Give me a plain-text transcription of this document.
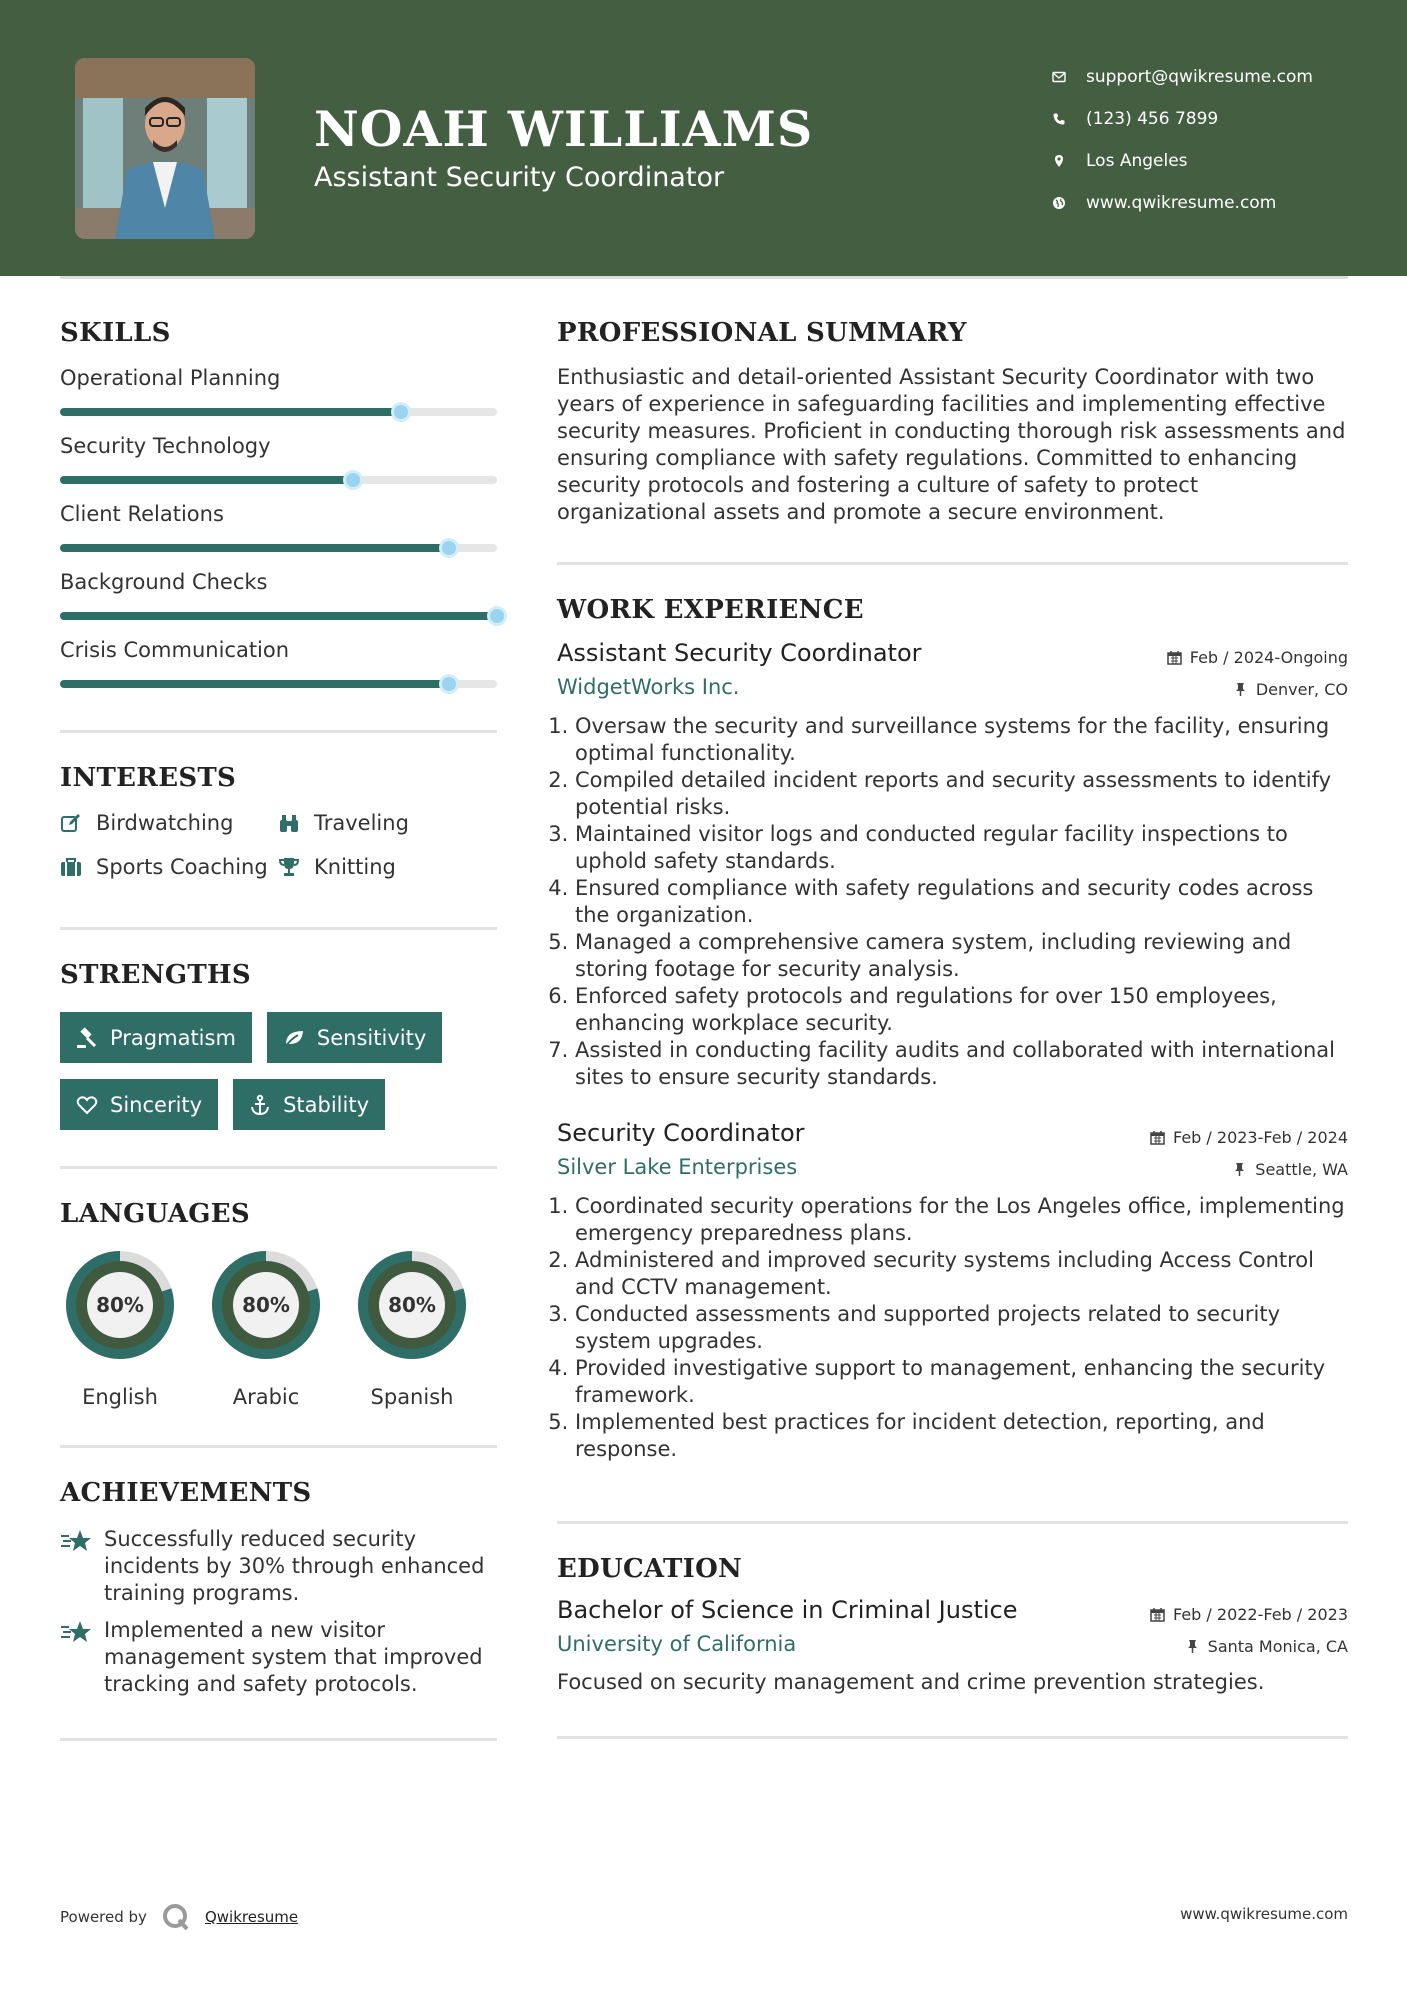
NOAH WILLIAMS
Assistant Security Coordinator
support@qwikresume.com
(123) 456 7899
Los Angeles
www.qwikresume.com
SKILLS
Operational Planning
Security Technology
Client Relations
Background Checks
Crisis Communication
INTERESTS
Birdwatching	Traveling
Sports Coaching Knitting
STRENGTHS
Pragmatism	Sensitivity
Sincerity	Stability
LANGUAGES
80%
English
80%
Arabic
80%
Spanish
ACHIEVEMENTS
Successfully reduced security incidents by 30% through enhanced training programs.
Implemented a new visitor management system that improved tracking and safety protocols.
PROFESSIONAL SUMMARY
Enthusiastic and detail-oriented Assistant Security Coordinator with two years of experience in safeguarding facilities and implementing effective security measures. Proficient in conducting thorough risk assessments and ensuring compliance with safety regulations. Committed to enhancing security protocols and fostering a culture of safety to protect organizational assets and promote a secure environment.
WORK EXPERIENCE
Assistant Security Coordinator	Feb / 2024-Ongoing
WidgetWorks Inc.	Denver, CO
1. Oversaw the security and surveillance systems for the facility, ensuring optimal functionality.
2. Compiled detailed incident reports and security assessments to identify potential risks.
3. Maintained visitor logs and conducted regular facility inspections to uphold safety standards.
4. Ensured compliance with safety regulations and security codes across the organization.
5. Managed a comprehensive camera system, including reviewing and storing footage for security analysis.
6. Enforced safety protocols and regulations for over 150 employees, enhancing workplace security.
7. Assisted in conducting facility audits and collaborated with international sites to ensure security standards.
Security Coordinator	Feb / 2023-Feb / 2024
Silver Lake Enterprises	Seattle, WA
1. Coordinated security operations for the Los Angeles office, implementing emergency preparedness plans.
2. Administered and improved security systems including Access Control and CCTV management.
3. Conducted assessments and supported projects related to security system upgrades.
4. Provided investigative support to management, enhancing the security framework.
5. Implemented best practices for incident detection, reporting, and response.
EDUCATION
Bachelor of Science in Criminal Justice	Feb / 2022-Feb / 2023
University of California	Santa Monica, CA
Focused on security management and crime prevention strategies.
Powered by	Qwikresume	www.qwikresume.com
